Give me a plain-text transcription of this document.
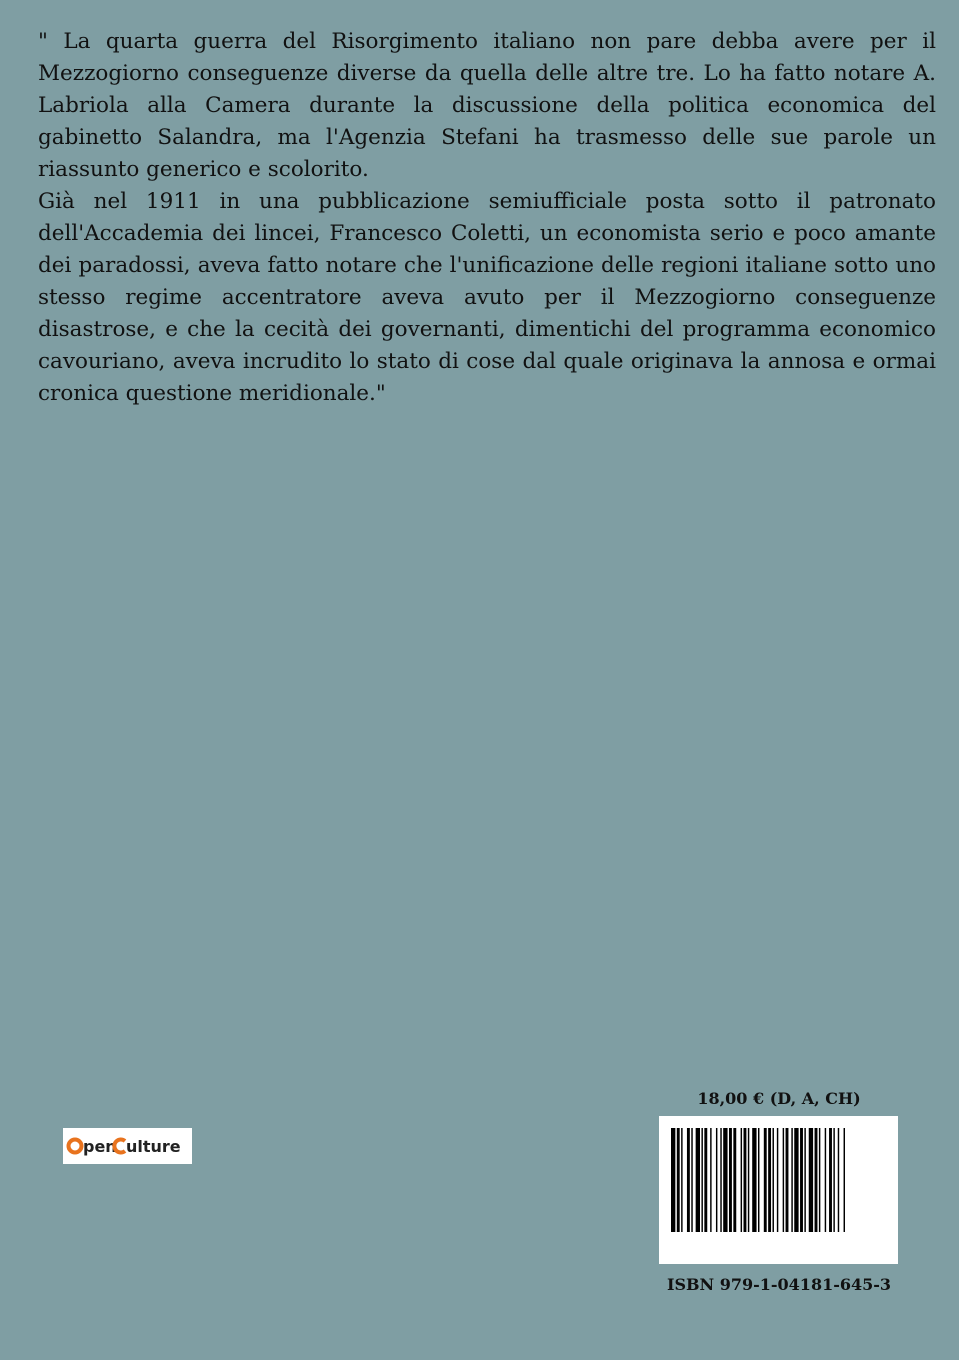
" La quarta guerra del Risorgimento italiano non pare debba avere per il Mezzogiorno conseguenze diverse da quella delle altre tre. Lo ha fatto notare A. Labriola alla Camera durante la discussione della politica economica del gabinetto Salandra, ma l'Agenzia Stefani ha trasmesso delle sue parole un riassunto generico e scolorito.

Già nel 1911 in una pubblicazione semiufficiale posta sotto il patronato dell'Accademia dei lincei, Francesco Coletti, un economista serio e poco amante dei paradossi, aveva fatto notare che l'unificazione delle regioni italiane sotto uno stesso regime accentratore aveva avuto per il Mezzogiorno conseguenze disastrose, e che la cecità dei governanti, dimentichi del programma economico cavouriano, aveva incrudito lo stato di cose dal quale originava la annosa e ormai cronica questione meridionale."

pen ulture
18,00 € (D, A, CH)
ISBN 979-1-04181-645-3
